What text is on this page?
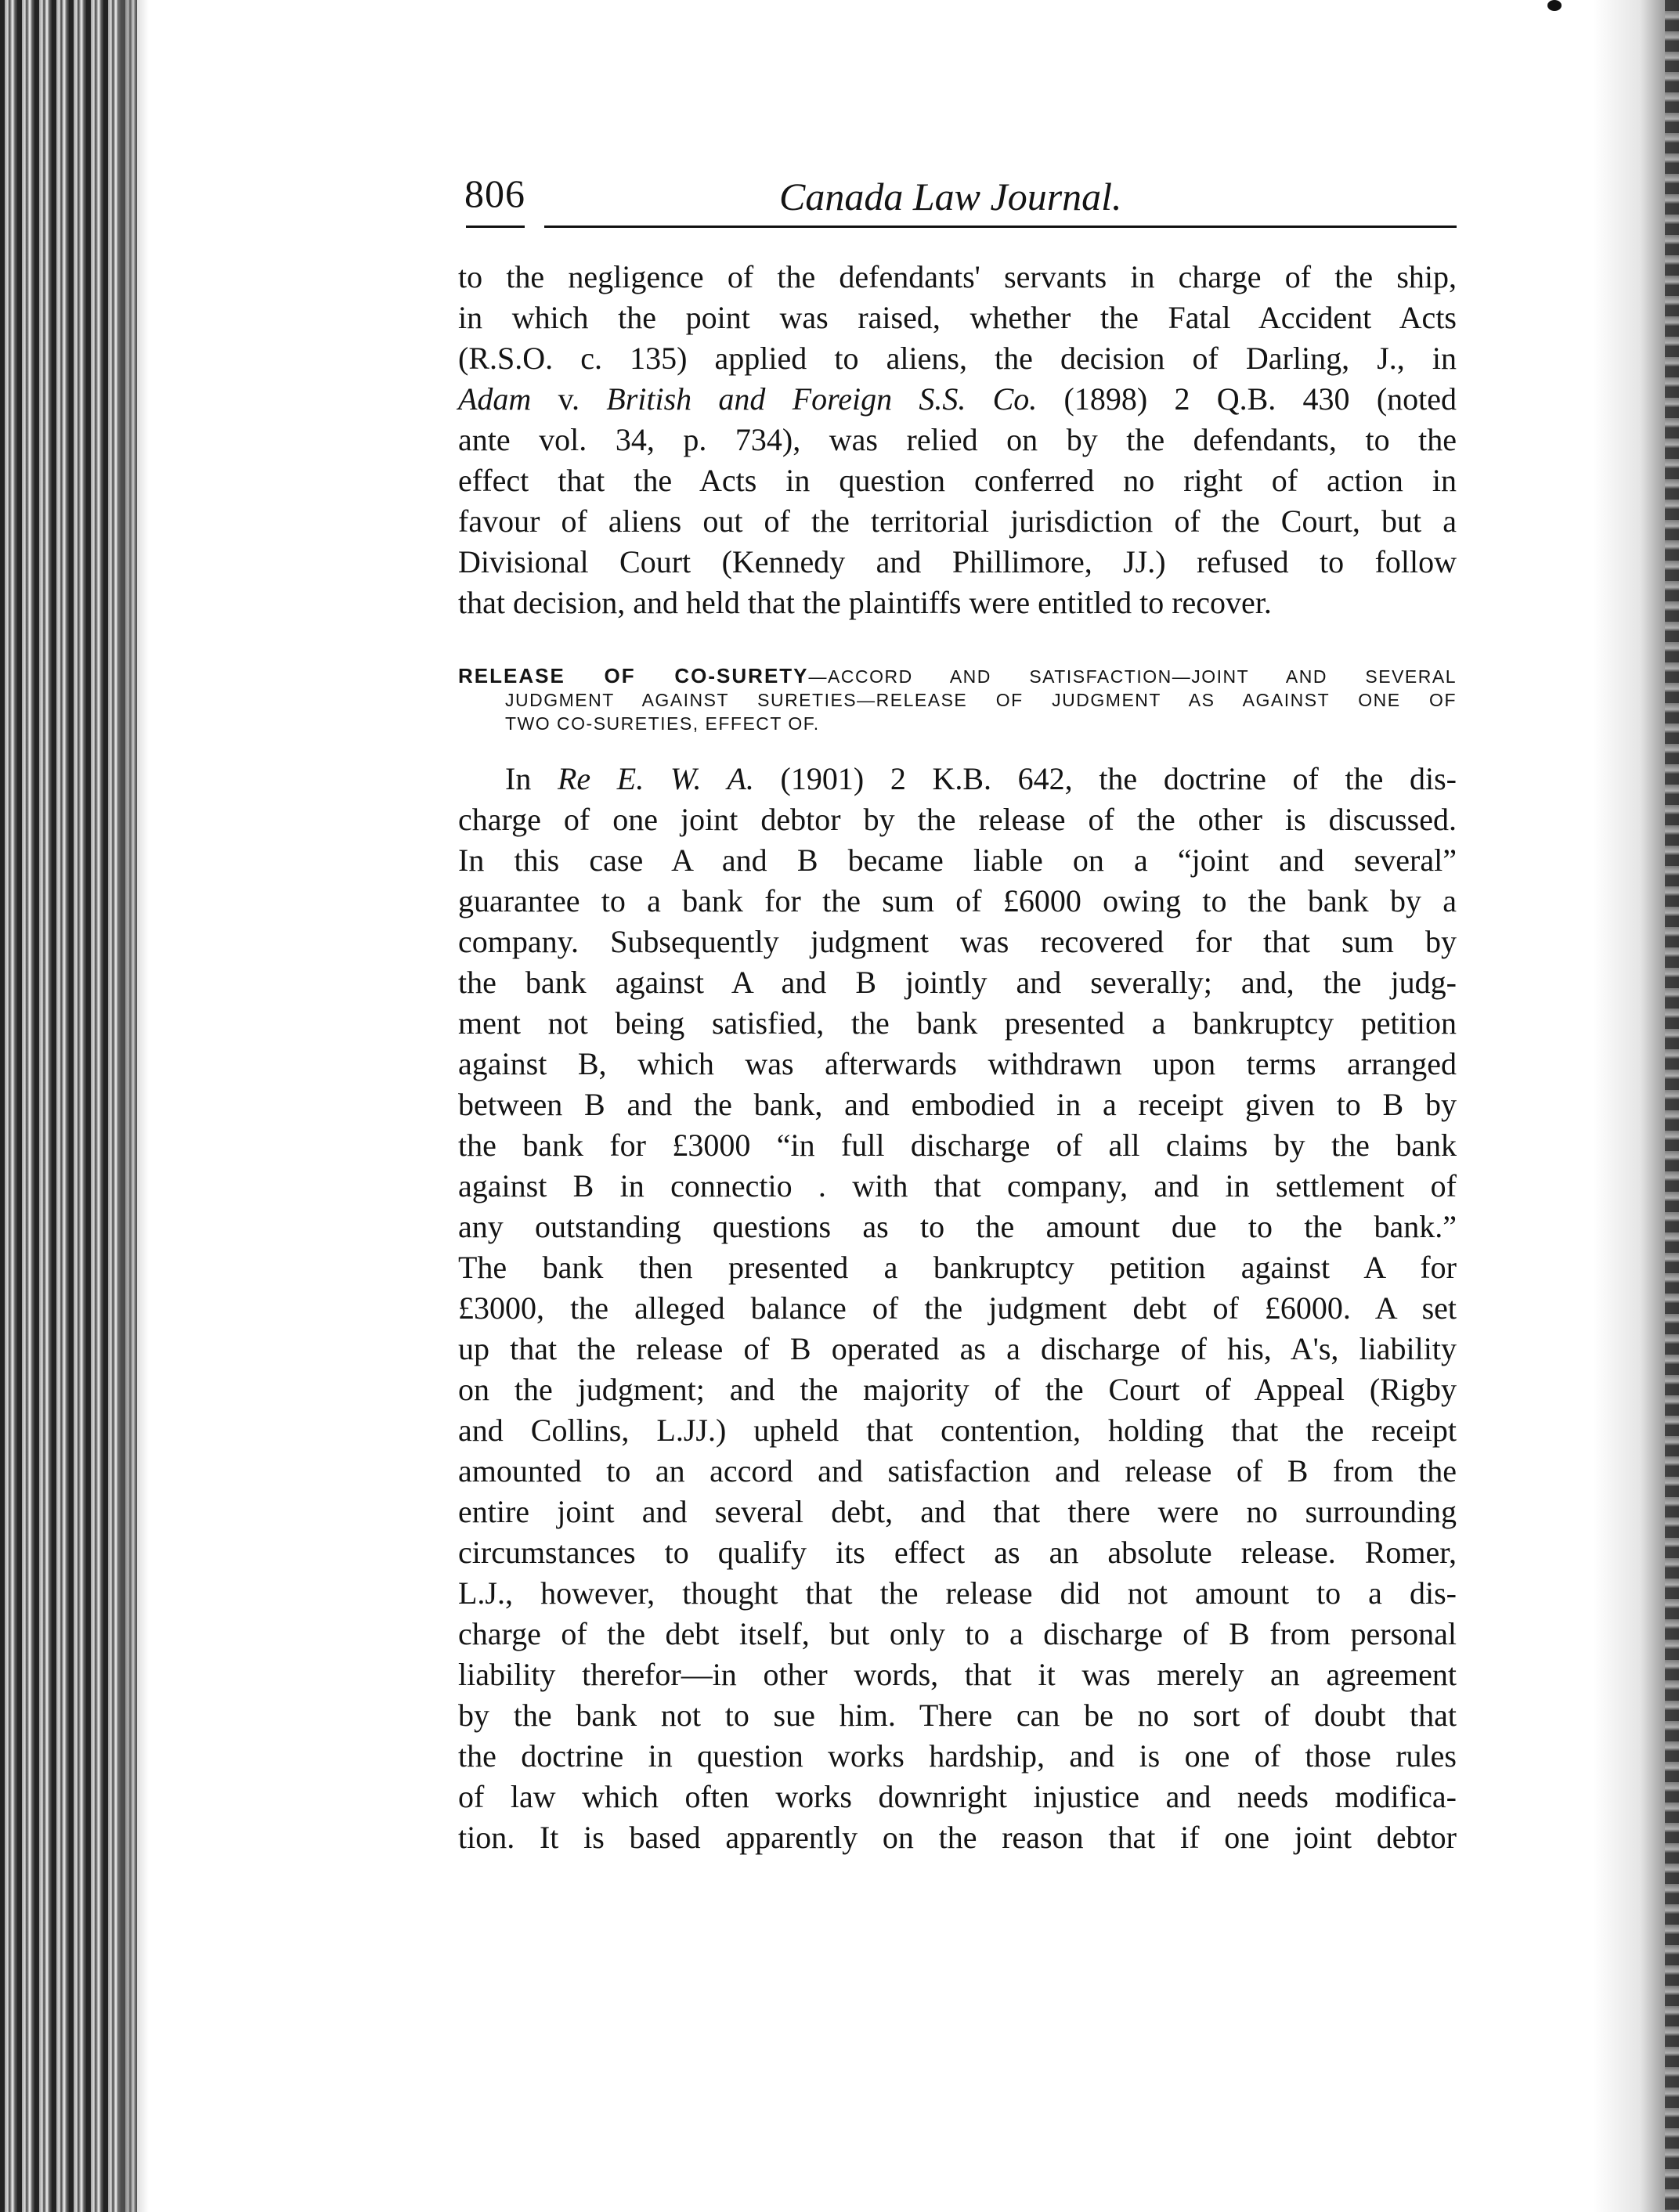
806	Canada Law Journal.
to the negligence of the defendants' servants in charge of the ship,
in which the point was raised, whether the Fatal Accident Acts
(R.S.O. c. 135) applied to aliens, the decision of Darling, J., in
Adam v. British and Foreign S.S. Co. (1898) 2 Q.B. 430 (noted
ante vol. 34, p. 734), was relied on by the defendants, to the
effect that the Acts in question conferred no right of action in
favour of aliens out of the territorial jurisdiction of the Court, but a
Divisional Court (Kennedy and Phillimore, JJ.) refused to follow
that decision, and held that the plaintiffs were entitled to recover.
RELEASE OF CO-SURETY—ACCORD AND SATISFACTION—JOINT AND SEVERAL
JUDGMENT AGAINST SURETIES—RELEASE OF JUDGMENT AS AGAINST ONE OF
TWO CO-SURETIES, EFFECT OF.
In Re E. W. A. (1901) 2 K.B. 642, the doctrine of the dis-
charge of one joint debtor by the release of the other is discussed.
In this case A and B became liable on a “joint and several”
guarantee to a bank for the sum of £6000 owing to the bank by a
company. Subsequently judgment was recovered for that sum by
the bank against A and B jointly and severally; and, the judg-
ment not being satisfied, the bank presented a bankruptcy petition
against B, which was afterwards withdrawn upon terms arranged
between B and the bank, and embodied in a receipt given to B by
the bank for £3000 “in full discharge of all claims by the bank
against B in connectio . with that company, and in settlement of
any outstanding questions as to the amount due to the bank.”
The bank then presented a bankruptcy petition against A for
£3000, the alleged balance of the judgment debt of £6000. A set
up that the release of B operated as a discharge of his, A's, liability
on the judgment; and the majority of the Court of Appeal (Rigby
and Collins, L.JJ.) upheld that contention, holding that the receipt
amounted to an accord and satisfaction and release of B from the
entire joint and several debt, and that there were no surrounding
circumstances to qualify its effect as an absolute release. Romer,
L.J., however, thought that the release did not amount to a dis-
charge of the debt itself, but only to a discharge of B from personal
liability therefor—in other words, that it was merely an agreement
by the bank not to sue him. There can be no sort of doubt that
the doctrine in question works hardship, and is one of those rules
of law which often works downright injustice and needs modifica-
tion. It is based apparently on the reason that if one joint debtor
